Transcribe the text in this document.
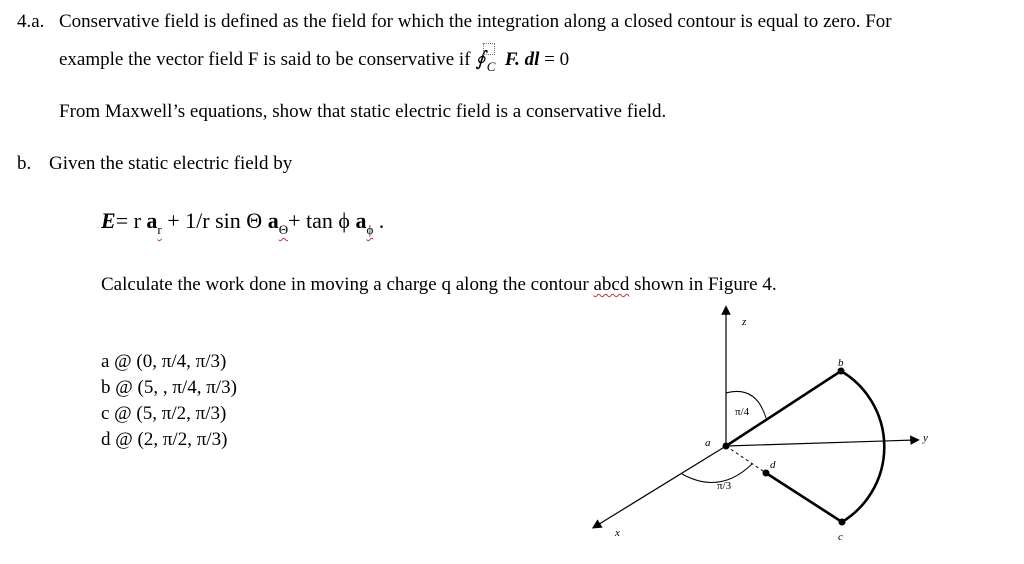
4.a. Conservative field is defined as the field for which the integration along a closed contour is equal to zero. For
example the vector field F is said to be conservative if $∮_C$ F. dl = 0
From Maxwell’s equations, show that static electric field is a conservative field.
b. Given the static electric field by
E= r $a_r + 1/r$ sin Θ $a_\Theta+ \tan \phi$ $a_\phi$ .
Calculate the work done in moving a charge q along the contour abcd shown in Figure 4.
a @ (0, π/4, π/3)
b @ (5, , π/4, π/3)
c @ (5, π/2, π/3)
d @ (2, π/2, π/3)
z
y
x
π/4
π/3
a
b
c
d
